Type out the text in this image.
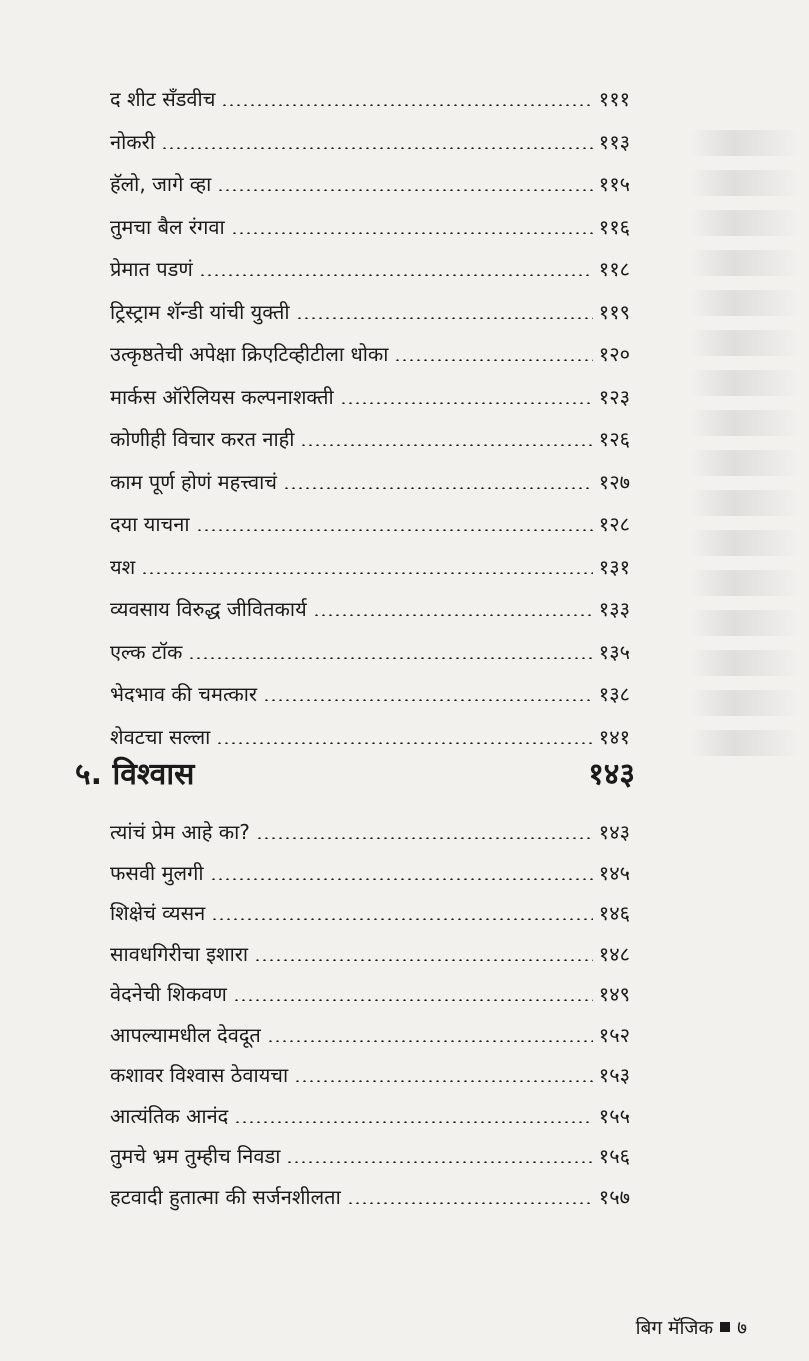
द शीट सँडवीच	१११
नोकरी	११३
हॅलो, जागे व्हा	११५
तुमचा बैल रंगवा	११६
प्रेमात पडणं	११८
ट्रिस्ट्राम शॅन्डी यांची युक्ती	११९
उत्कृष्ठतेची अपेक्षा क्रिएटिव्हीटीला धोका	१२०
मार्कस ऑरेलियस कल्पनाशक्ती	१२३
कोणीही विचार करत नाही	१२६
काम पूर्ण होणं महत्त्वाचं	१२७
दया याचना	१२८
यश	१३१
व्यवसाय विरुद्ध जीवितकार्य	१३३
एल्क टॉक	१३५
भेदभाव की चमत्कार	१३८
शेवटचा सल्ला	१४१
५. विश्वास	१४३
त्यांचं प्रेम आहे का?	१४३
फसवी मुलगी	१४५
शिक्षेचं व्यसन	१४६
सावधगिरीचा इशारा	१४८
वेदनेची शिकवण	१४९
आपल्यामधील देवदूत	१५२
कशावर विश्वास ठेवायचा	१५३
आत्यंतिक आनंद	१५५
तुमचे भ्रम तुम्हीच निवडा	१५६
हटवादी हुतात्मा की सर्जनशीलता	१५७
बिग मॅजिक ७
